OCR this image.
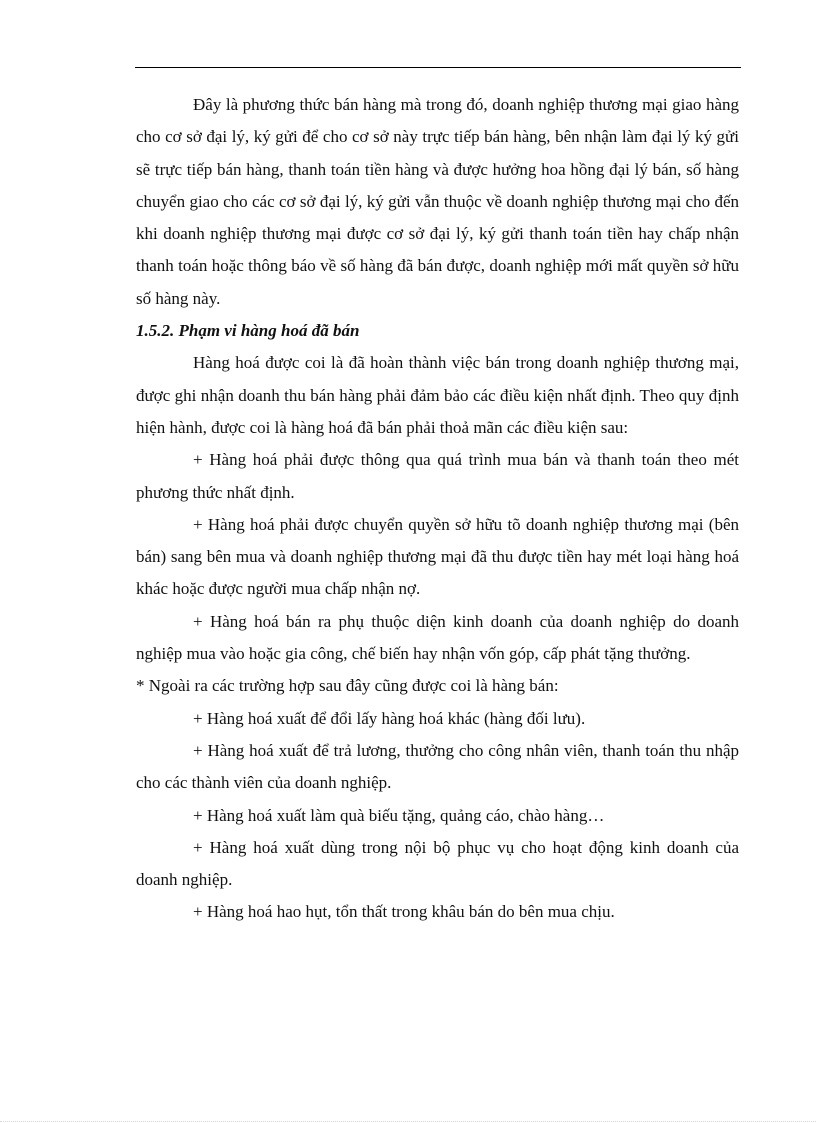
Đây là phương thức bán hàng mà trong đó, doanh nghiệp thương mại giao hàng cho cơ sở đại lý, ký gửi để cho cơ sở này trực tiếp bán hàng, bên nhận làm đại lý ký gửi sẽ trực tiếp bán hàng, thanh toán tiền hàng và được hưởng hoa hồng đại lý bán, số hàng chuyển giao cho các cơ sở đại lý, ký gửi vẫn thuộc về doanh nghiệp thương mại cho đến khi doanh nghiệp thương mại được cơ sở đại lý, ký gửi thanh toán tiền hay chấp nhận thanh toán hoặc thông báo về số hàng đã bán được, doanh nghiệp mới mất quyền sở hữu số hàng này.

1.5.2. Phạm vi hàng hoá đã bán

Hàng hoá được coi là đã hoàn thành việc bán trong doanh nghiệp thương mại, được ghi nhận doanh thu bán hàng phải đảm bảo các điều kiện nhất định. Theo quy định hiện hành, được coi là hàng hoá đã bán phải thoả mãn các điều kiện sau:

+ Hàng hoá phải được thông qua quá trình mua bán và thanh toán theo mét phương thức nhất định.

+ Hàng hoá phải được chuyển quyền sở hữu tõ doanh nghiệp thương mại (bên bán) sang bên mua và doanh nghiệp thương mại đã thu được tiền hay mét loại hàng hoá khác hoặc được người mua chấp nhận nợ.

+ Hàng hoá bán ra phụ thuộc diện kinh doanh của doanh nghiệp do doanh nghiệp mua vào hoặc gia công, chế biến hay nhận vốn góp, cấp phát tặng thưởng.

* Ngoài ra các trường hợp sau đây cũng được coi là hàng bán:

+ Hàng hoá xuất để đổi lấy hàng hoá khác (hàng đối lưu).

+ Hàng hoá xuất để trả lương, thưởng cho công nhân viên, thanh toán thu nhập cho các thành viên của doanh nghiệp.

+ Hàng hoá xuất làm quà biếu tặng, quảng cáo, chào hàng…

+ Hàng hoá xuất dùng trong nội bộ phục vụ cho hoạt động kinh doanh của doanh nghiệp.

+ Hàng hoá hao hụt, tổn thất trong khâu bán do bên mua chịu.
